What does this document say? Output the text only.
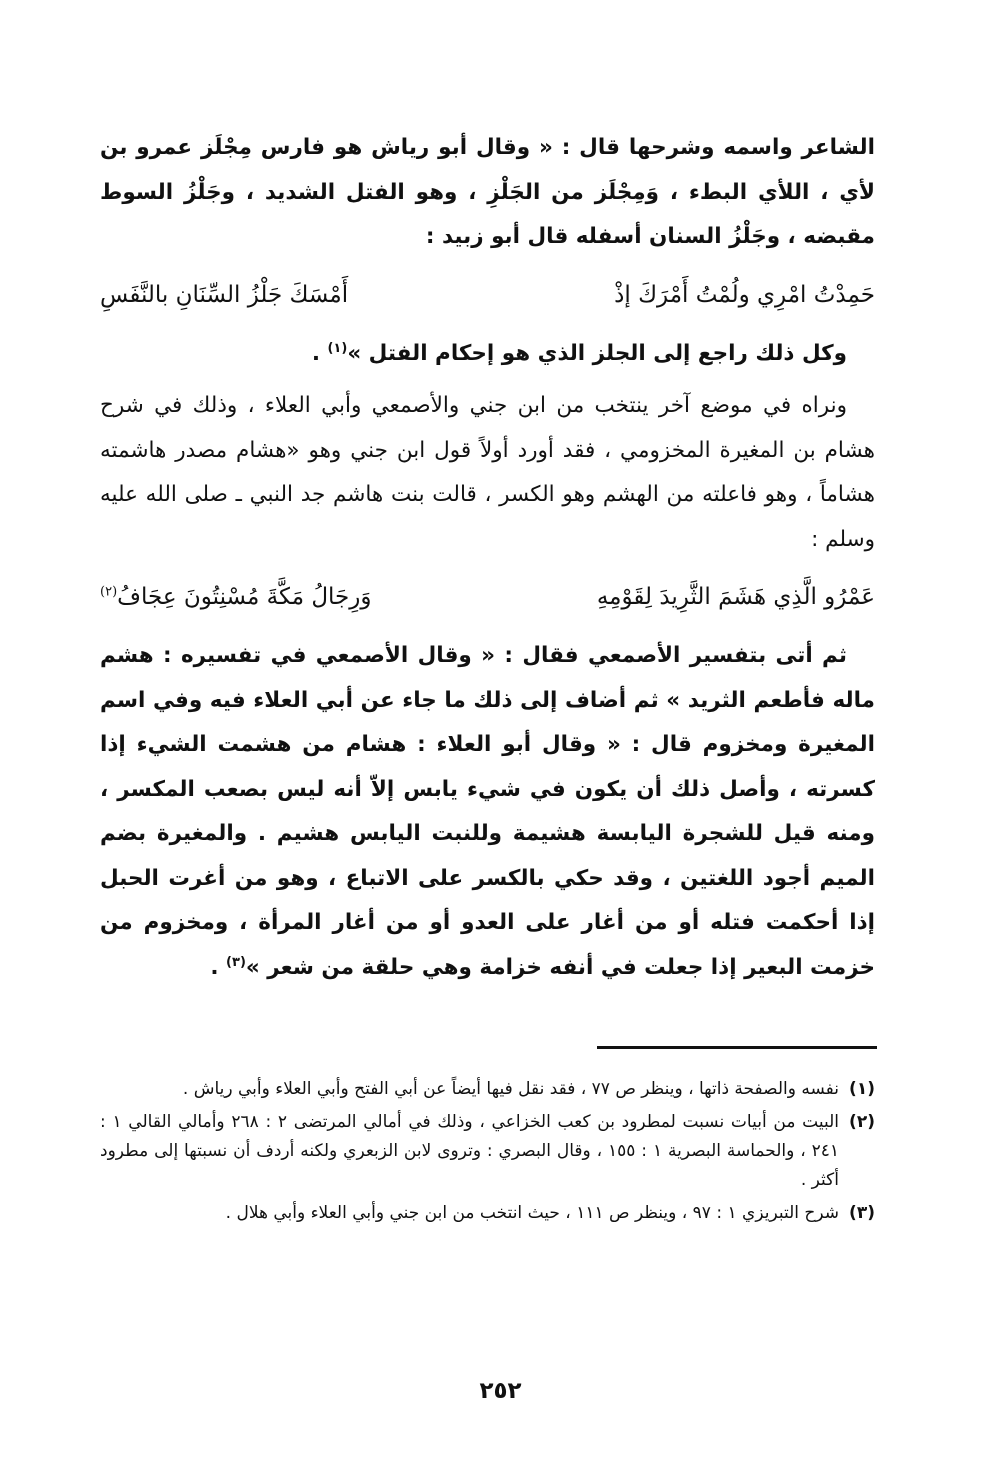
الشاعر واسمه وشرحها قال : « وقال أبو رياش هو فارس مِجْلَز عمرو بن لأي ، اللأي البطء ، وَمِجْلَز من الجَلْزِ ، وهو الفتل الشديد ، وجَلْزُ السوط مقبضه ، وجَلْزُ السنان أسفله قال أبو زبيد :

حَمِدْتُ امْرِي ولُمْتُ أَمْرَكَ إذْ
أَمْسَكَ جَلْزُ السِّنَانِ بالنَّفَسِ

وكل ذلك راجع إلى الجلز الذي هو إحكام الفتل »$^{(١)}$ .

ونراه في موضع آخر ينتخب من ابن جني والأصمعي وأبي العلاء ، وذلك في شرح هشام بن المغيرة المخزومي ، فقد أورد أولاً قول ابن جني وهو «هشام مصدر هاشمته هشاماً ، وهو فاعلته من الهشم وهو الكسر ، قالت بنت هاشم جد النبي ـ صلى الله عليه وسلم :

عَمْرُو الَّذِي هَشَمَ الثَّرِيدَ لِقَوْمِهِ
وَرِجَالُ مَكَّةَ مُسْنِتُونَ عِجَافُ$^{(٢)}$

ثم أتى بتفسير الأصمعي فقال : « وقال الأصمعي في تفسيره : هشم ماله فأطعم الثريد » ثم أضاف إلى ذلك ما جاء عن أبي العلاء فيه وفي اسم المغيرة ومخزوم قال : « وقال أبو العلاء : هشام من هشمت الشيء إذا كسرته ، وأصل ذلك أن يكون في شيء يابس إلاّ أنه ليس بصعب المكسر ، ومنه قيل للشجرة اليابسة هشيمة وللنبت اليابس هشيم . والمغيرة بضم الميم أجود اللغتين ، وقد حكي بالكسر على الاتباع ، وهو من أغرت الحبل إذا أحكمت فتله أو من أغار على العدو أو من أغار المرأة ، ومخزوم من خزمت البعير إذا جعلت في أنفه خزامة وهي حلقة من شعر »$^{(٣)}$ .

(١)
نفسه والصفحة ذاتها ، وينظر ص ٧٧ ، فقد نقل فيها أيضاً عن أبي الفتح وأبي العلاء وأبي رياش .
(٢)
البيت من أبيات نسبت لمطرود بن كعب الخزاعي ، وذلك في أمالي المرتضى ٢ : ٢٦٨ وأمالي القالي ١ : ٢٤١ ، والحماسة البصرية ١ : ١٥٥ ، وقال البصري : وتروى لابن الزبعري ولكنه أردف أن نسبتها إلى مطرود أكثر .
(٣)
شرح التبريزي ١ : ٩٧ ، وينظر ص ١١١ ، حيث انتخب من ابن جني وأبي العلاء وأبي هلال .
٢٥٢
